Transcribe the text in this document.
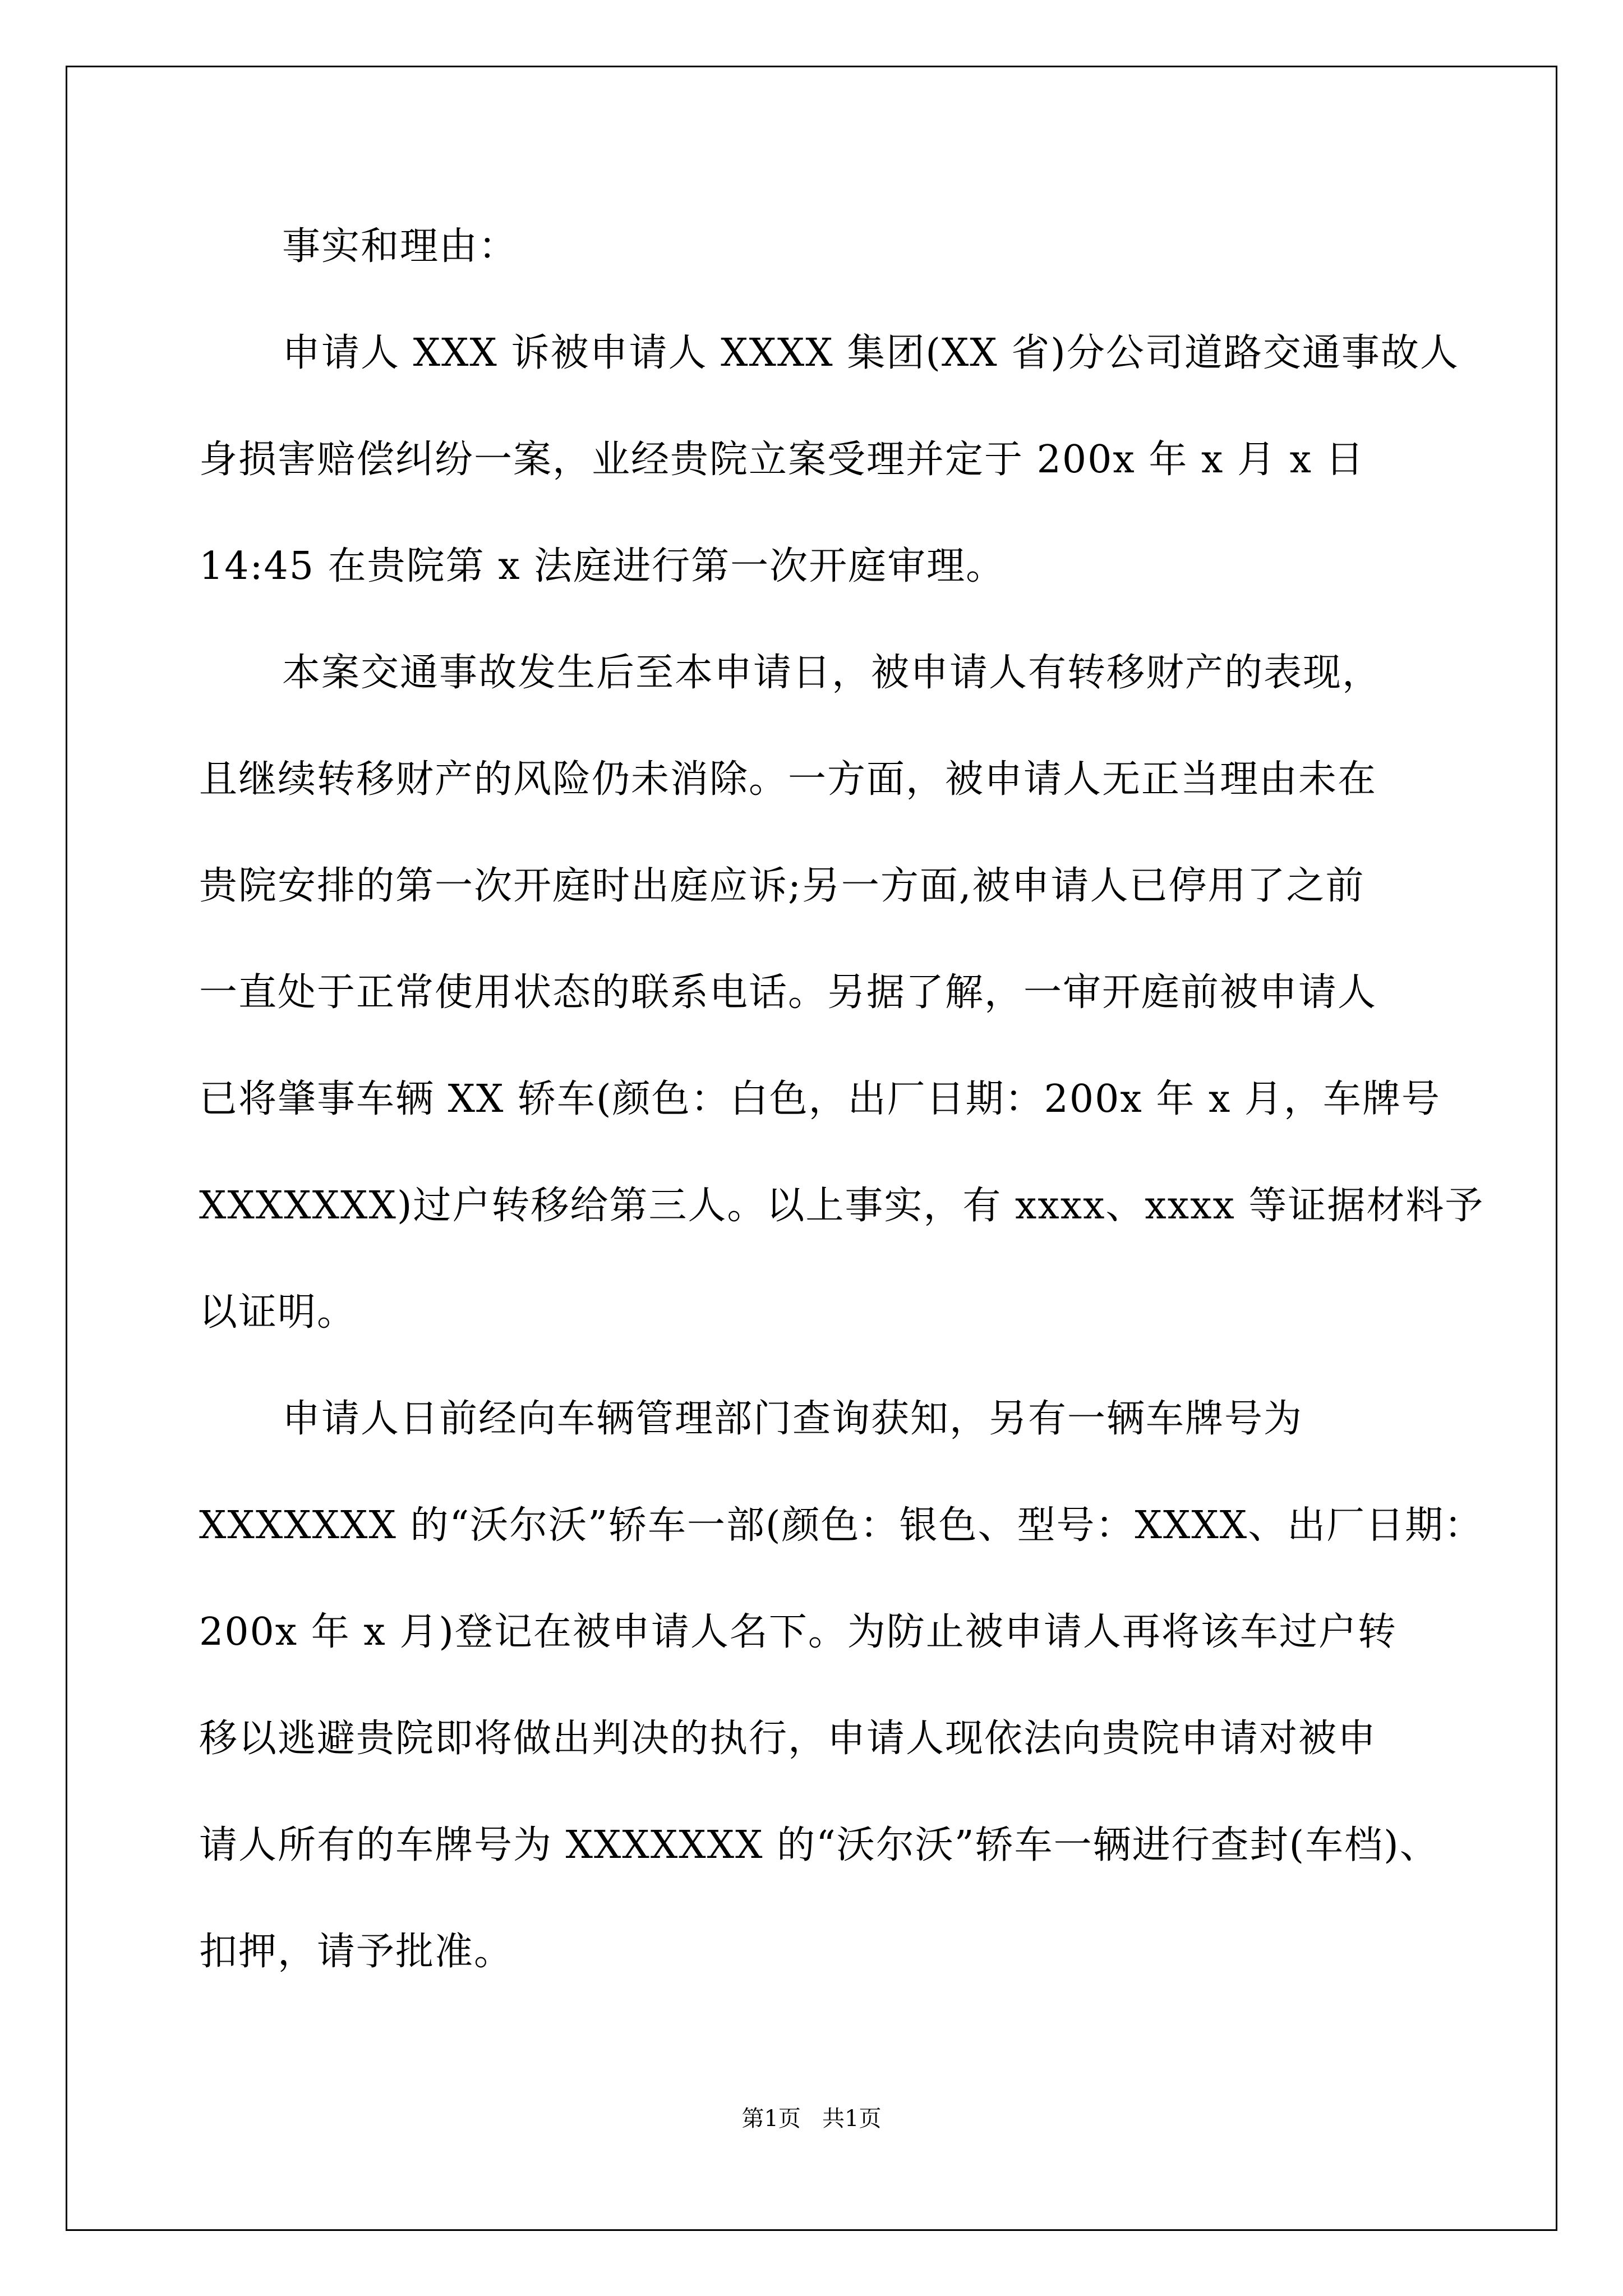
事实和理由：
申请人 XXX 诉被申请人 XXXX 集团(XX 省)分公司道路交通事故人
身损害赔偿纠纷一案，业经贵院立案受理并定于 200x 年 x 月 x 日
14:45 在贵院第 x 法庭进行第一次开庭审理。
本案交通事故发生后至本申请日，被申请人有转移财产的表现，
且继续转移财产的风险仍未消除。一方面，被申请人无正当理由未在
贵院安排的第一次开庭时出庭应诉;另一方面,被申请人已停用了之前
一直处于正常使用状态的联系电话。另据了解，一审开庭前被申请人
已将肇事车辆 XX 轿车(颜色：白色，出厂日期：200x 年 x 月，车牌号
XXXXXXX)过户转移给第三人。以上事实，有 xxxx、xxxx 等证据材料予
以证明。
申请人日前经向车辆管理部门查询获知，另有一辆车牌号为
XXXXXXX 的“沃尔沃”轿车一部(颜色：银色、型号：XXXX、出厂日期：
200x 年 x 月)登记在被申请人名下。为防止被申请人再将该车过户转
移以逃避贵院即将做出判决的执行，申请人现依法向贵院申请对被申
请人所有的车牌号为 XXXXXXX 的“沃尔沃”轿车一辆进行查封(车档)、
扣押，请予批准。
第1页   共1页
